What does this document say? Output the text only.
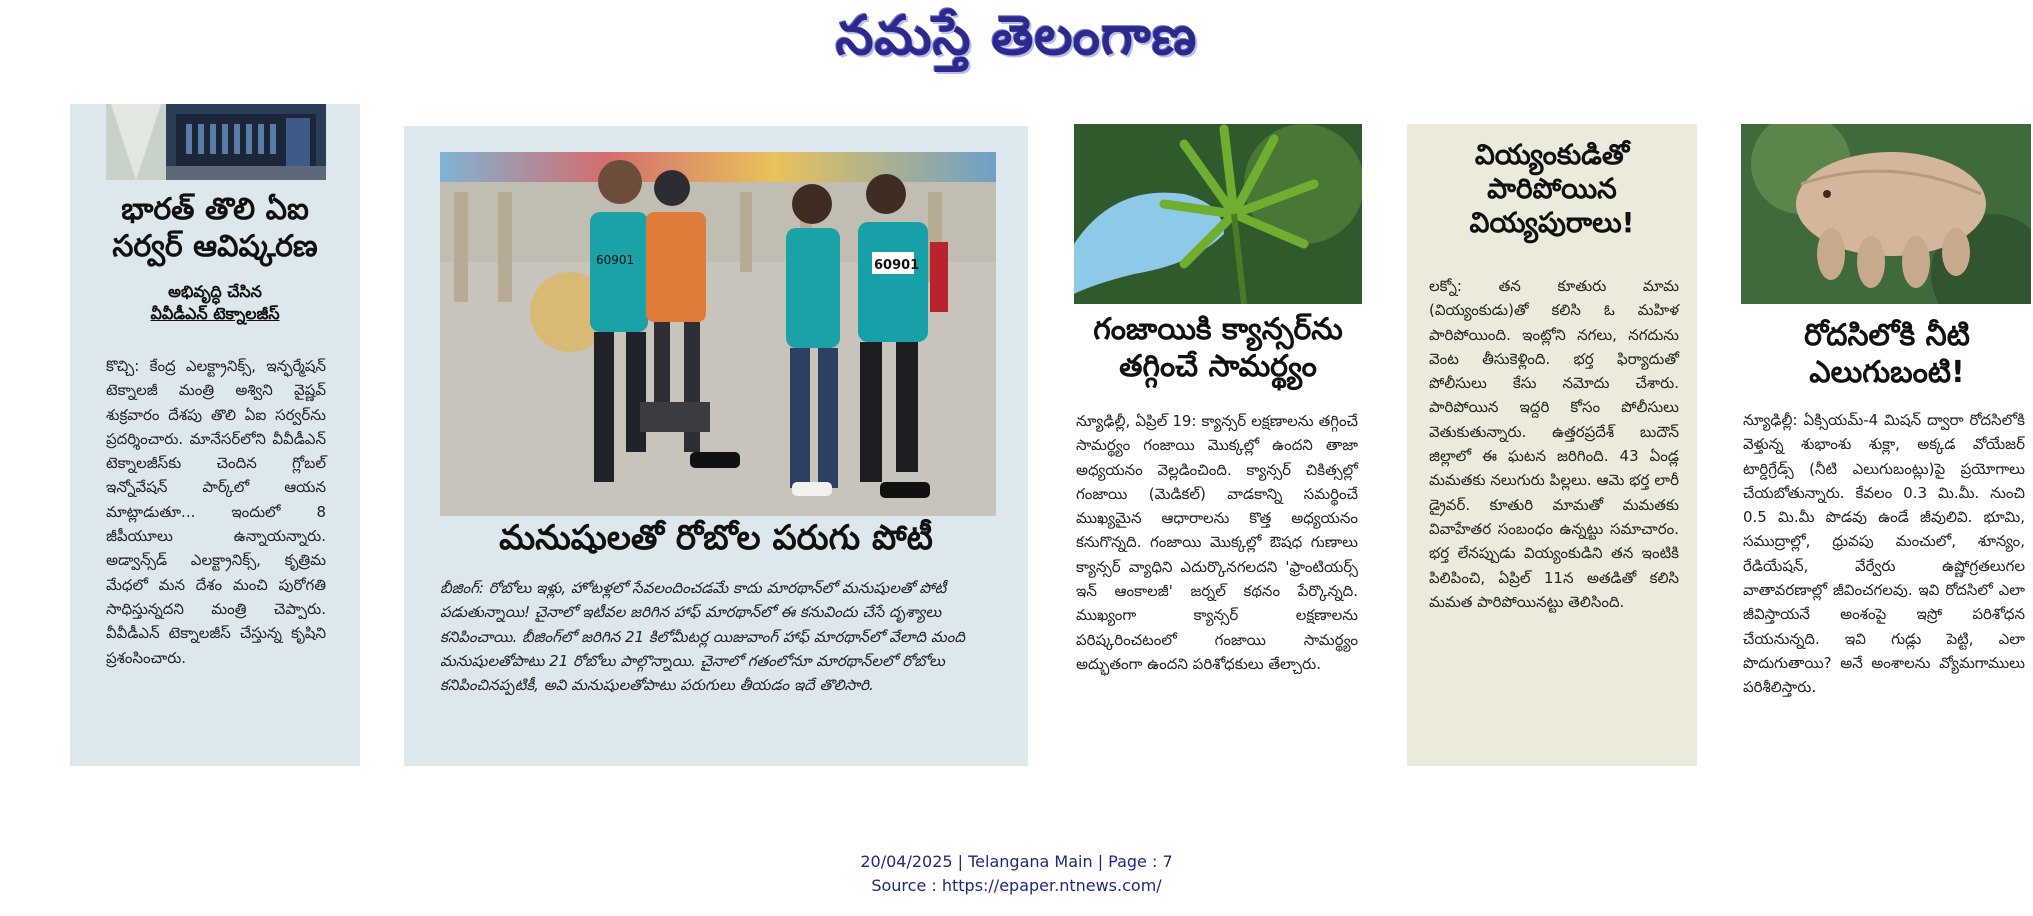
నమస్తే తెలంగాణ
భారత్ తొలి ఏఐ సర్వర్ ఆవిష్కరణ
అభివృద్ధి చేసిన
వీవీడీఎన్ టెక్నాలజీస్
కొచ్చి: కేంద్ర ఎలక్ట్రానిక్స్, ఇన్ఫర్మేషన్ టెక్నాలజీ మంత్రి అశ్విని వైష్ణవ్ శుక్రవారం దేశపు తొలి ఏఐ సర్వర్‌ను ప్రదర్శించారు. మానేసర్‌లోని వీవీడీఎన్ టెక్నాలజీస్‌కు చెందిన గ్లోబల్ ఇన్నోవేషన్ పార్క్‌లో ఆయన మాట్లాడుతూ... ఇందులో 8 జీపీయూలు ఉన్నాయన్నారు. అడ్వాన్స్‌డ్ ఎలక్ట్రానిక్స్, కృత్రిమ మేధలో మన దేశం మంచి పురోగతి సాధిస్తున్నదని మంత్రి చెప్పారు. వీవీడీఎన్ టెక్నాలజీస్ చేస్తున్న కృషిని ప్రశంసించారు.
60901	60901
మనుషులతో రోబోల పరుగు పోటీ
బీజింగ్: రోబోలు ఇళ్లు, హోటళ్లలో సేవలందించడమే కాదు మారథాన్‌లో మనుషులతో పోటీ పడుతున్నాయి! చైనాలో ఇటీవల జరిగిన హాఫ్ మారథాన్‌లో ఈ కనువిందు చేసే దృశ్యాలు కనిపించాయి. బీజింగ్‌లో జరిగిన 21 కిలోమీటర్ల యిజువాంగ్ హాఫ్ మారథాన్‌లో వేలాది మంది మనుషులతోపాటు 21 రోబోలు పాల్గొన్నాయి. చైనాలో గతంలోనూ మారథాన్‌లలో రోబోలు కనిపించినప్పటికీ, అవి మనుషులతోపాటు పరుగులు తీయడం ఇదే తొలిసారి.
గంజాయికి క్యాన్సర్‌ను తగ్గించే సామర్థ్యం
న్యూఢిల్లీ, ఏప్రిల్ 19: క్యాన్సర్ లక్షణాలను తగ్గించే సామర్థ్యం గంజాయి మొక్కల్లో ఉందని తాజా అధ్యయనం వెల్లడించింది. క్యాన్సర్ చికిత్సల్లో గంజాయి (మెడికల్) వాడకాన్ని సమర్థించే ముఖ్యమైన ఆధారాలను కొత్త అధ్యయనం కనుగొన్నది. గంజాయి మొక్కల్లో ఔషధ గుణాలు క్యాన్సర్ వ్యాధిని ఎదుర్కొనగలదని 'ఫ్రాంటియర్స్ ఇన్ ఆంకాలజీ' జర్నల్ కథనం పేర్కొన్నది. ముఖ్యంగా క్యాన్సర్ లక్షణాలను పరిష్కరించటంలో గంజాయి సామర్థ్యం అద్భుతంగా ఉందని పరిశోధకులు తేల్చారు.
వియ్యంకుడితో పారిపోయిన వియ్యపురాలు!
లక్నో: తన కూతురు మామ (వియ్యంకుడు)తో కలిసి ఓ మహిళ పారిపోయింది. ఇంట్లోని నగలు, నగదును వెంట తీసుకెళ్లింది. భర్త ఫిర్యాదుతో పోలీసులు కేసు నమోదు చేశారు. పారిపోయిన ఇద్దరి కోసం పోలీసులు వెతుకుతున్నారు. ఉత్తరప్రదేశ్ బుదౌన్ జిల్లాలో ఈ ఘటన జరిగింది. 43 ఏండ్ల మమతకు నలుగురు పిల్లలు. ఆమె భర్త లారీ డ్రైవర్. కూతురి మామతో మమతకు వివాహేతర సంబంధం ఉన్నట్టు సమాచారం. భర్త లేనప్పుడు వియ్యంకుడిని తన ఇంటికి పిలిపించి, ఏప్రిల్ 11న అతడితో కలిసి మమత పారిపోయినట్టు తెలిసింది.
రోదసిలోకి నీటి ఎలుగుబంటి!
న్యూఢిల్లీ: ఏక్సియమ్-4 మిషన్ ద్వారా రోదసిలోకి వెళ్తున్న శుభాంశు శుక్లా, అక్కడ వోయేజర్ టార్డిగ్రేడ్స్ (నీటి ఎలుగుబంట్లు)పై ప్రయోగాలు చేయబోతున్నారు. కేవలం 0.3 మి.మీ. నుంచి 0.5 మి.మీ పొడవు ఉండే జీవులివి. భూమి, సముద్రాల్లో, ధ్రువపు మంచులో, శూన్యం, రేడియేషన్, వేర్వేరు ఉష్ణోగ్రతలుగల వాతావరణాల్లో జీవించగలవు. ఇవి రోదసిలో ఎలా జీవిస్తాయనే అంశంపై ఇస్రో పరిశోధన చేయనున్నది. ఇవి గుడ్లు పెట్టి, ఎలా పొదుగుతాయి? అనే అంశాలను వ్యోమగాములు పరిశీలిస్తారు.
20/04/2025 | Telangana Main | Page : 7
Source : https://epaper.ntnews.com/
